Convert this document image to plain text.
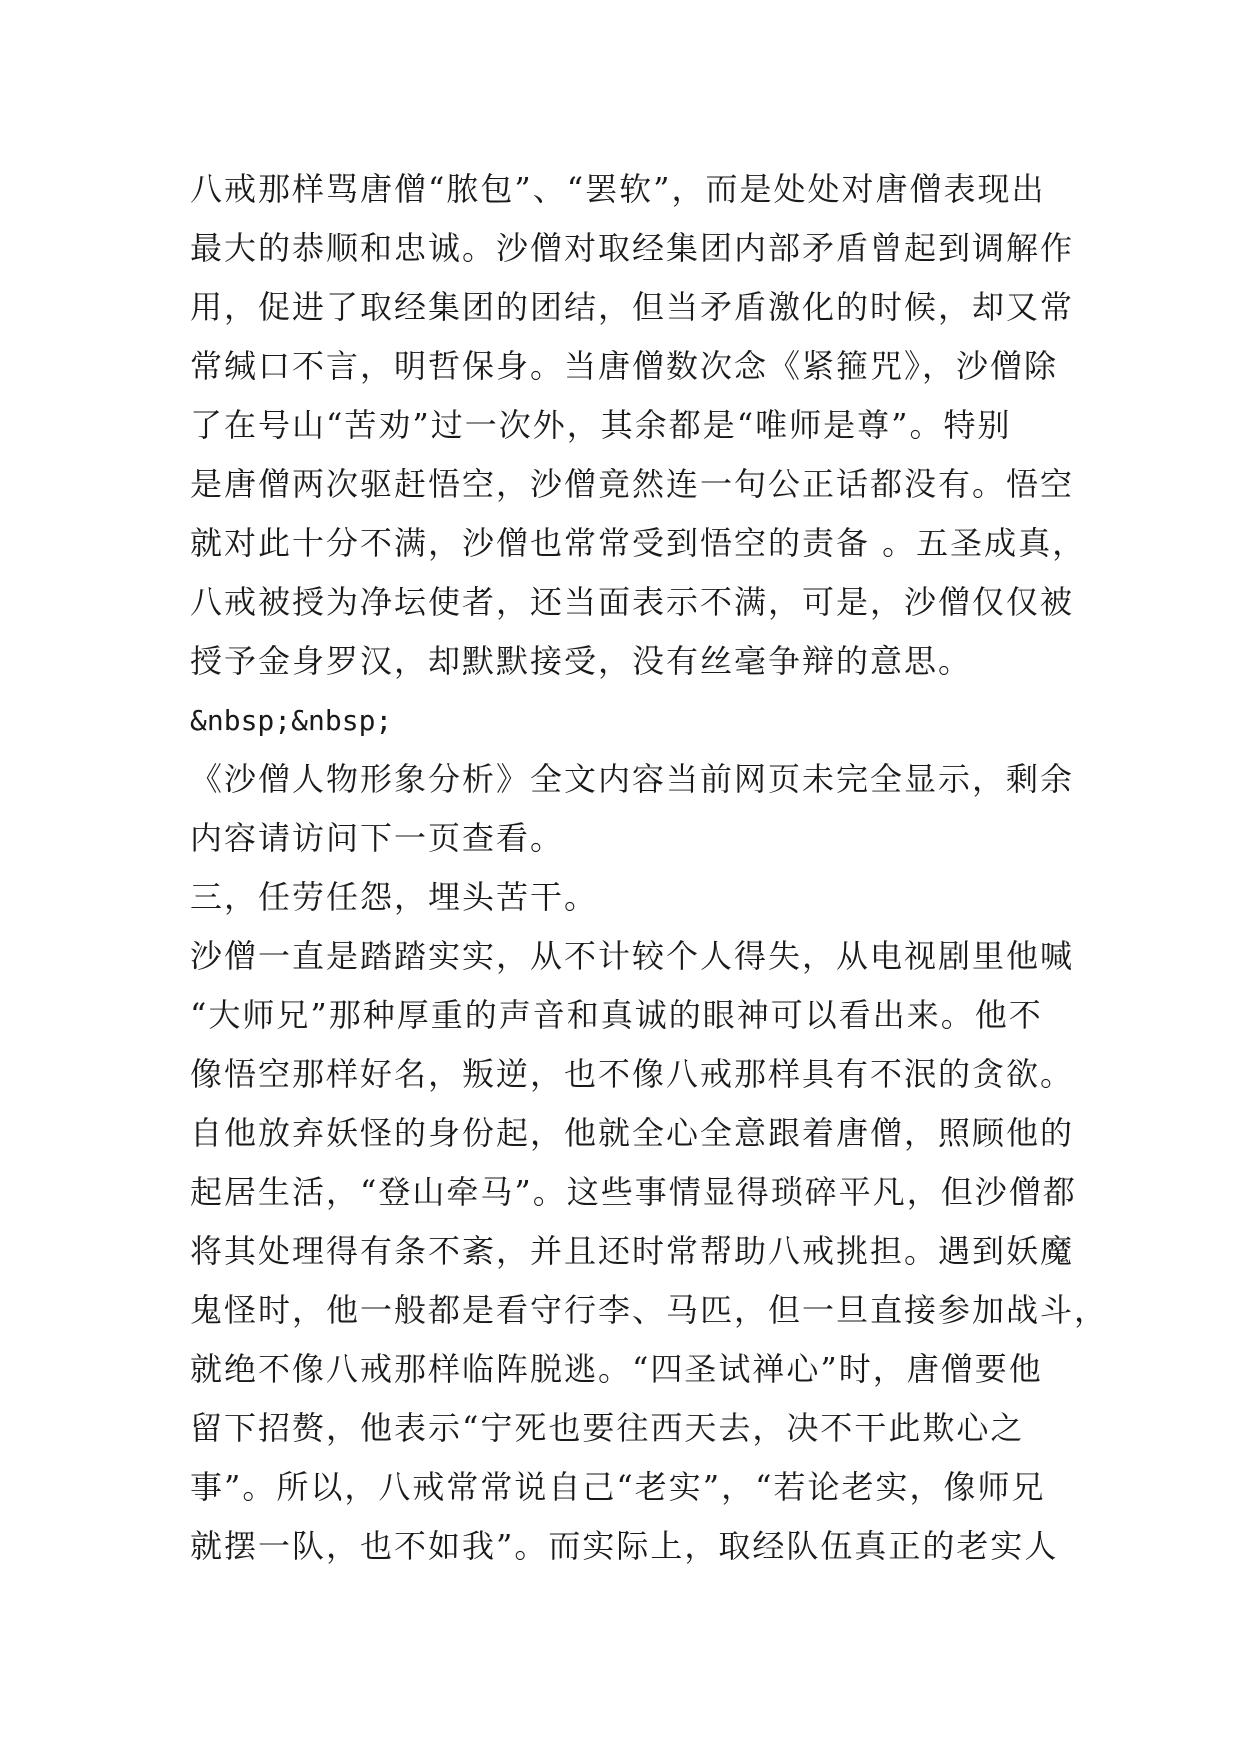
八戒那样骂唐僧“脓包”、“罢软”，而是处处对唐僧表现出
最大的恭顺和忠诚。沙僧对取经集团内部矛盾曾起到调解作
用，促进了取经集团的团结，但当矛盾激化的时候，却又常
常缄口不言，明哲保身。当唐僧数次念《紧箍咒》，沙僧除
了在号山“苦劝”过一次外，其余都是“唯师是尊”。特别
是唐僧两次驱赶悟空，沙僧竟然连一句公正话都没有。悟空
就对此十分不满，沙僧也常常受到悟空的责备 。五圣成真，
八戒被授为净坛使者，还当面表示不满，可是，沙僧仅仅被
授予金身罗汉，却默默接受，没有丝毫争辩的意思。
&nbsp;&nbsp;
《沙僧人物形象分析》全文内容当前网页未完全显示，剩余
内容请访问下一页查看。
三，任劳任怨，埋头苦干。
沙僧一直是踏踏实实，从不计较个人得失，从电视剧里他喊
“大师兄”那种厚重的声音和真诚的眼神可以看出来。他不
像悟空那样好名，叛逆，也不像八戒那样具有不泯的贪欲。
自他放弃妖怪的身份起，他就全心全意跟着唐僧，照顾他的
起居生活，“登山牵马”。这些事情显得琐碎平凡，但沙僧都
将其处理得有条不紊，并且还时常帮助八戒挑担。遇到妖魔
鬼怪时，他一般都是看守行李、马匹，但一旦直接参加战斗，
就绝不像八戒那样临阵脱逃。“四圣试禅心”时，唐僧要他
留下招赘，他表示“宁死也要往西天去，决不干此欺心之
事”。所以，八戒常常说自己“老实”，“若论老实，像师兄
就摆一队，也不如我”。而实际上，取经队伍真正的老实人
